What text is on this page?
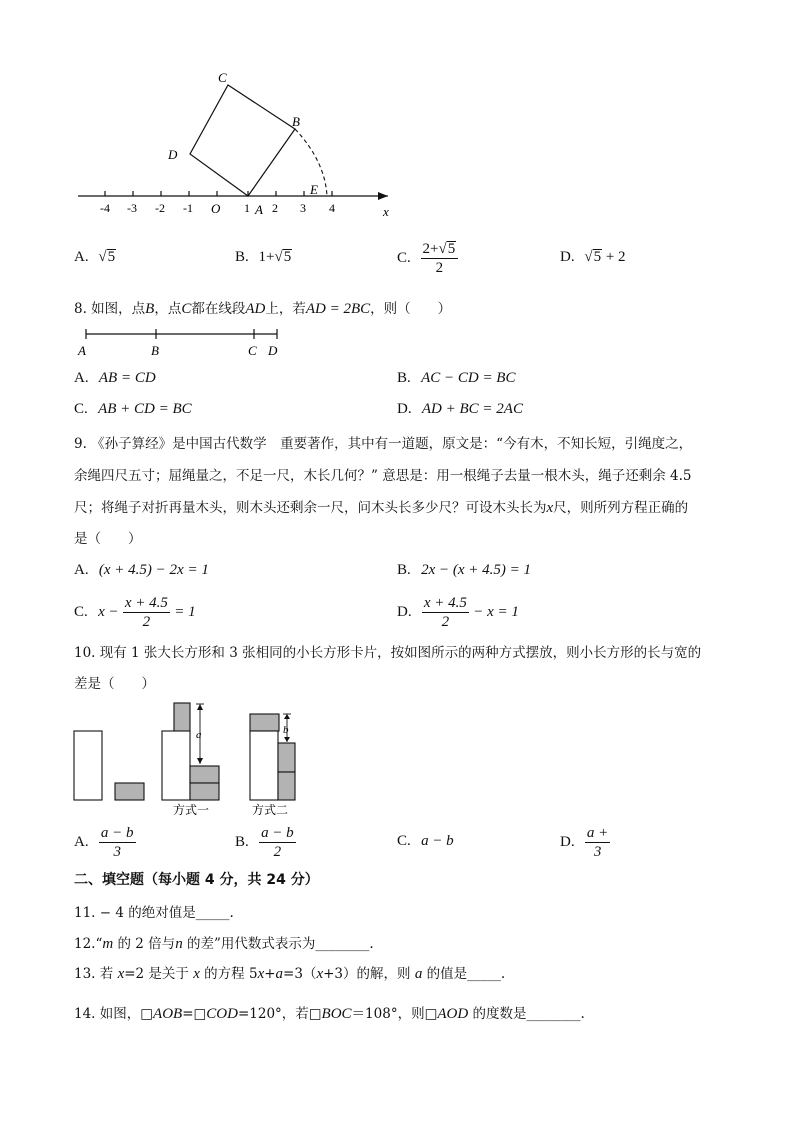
-4 -3 -2 -1 O 1 2 3 4	x
C
B
D
A
E
A. √5	B. 1+√5	C. $\frac{2+√5}{2}$	D. √5 + 2
8. 如图，点B，点C都在线段AD上，若AD = 2BC，则（　　）
A	B	C D
A. AB = CD	B. AC − CD = BC
C. AB + CD = BC	D. AD + BC = 2AC
9. 《孙子算经》是中国古代数学　重要著作，其中有一道题，原文是：“今有木，不知长短，引绳度之，
余绳四尺五寸；屈绳量之，不足一尺，木长几何？” 意思是：用一根绳子去量一根木头，绳子还剩余 4.5
尺；将绳子对折再量木头，则木头还剩余一尺，问木头长多少尺？可设木头长为x尺，则所列方程正确的
是（　　）
A. (x + 4.5) − 2x = 1	B. 2x − (x + 4.5) = 1
C. $x - \frac{x + 4.5}{2} = 1$	D. $\frac{x + 4.5}{2} - x = 1$
10. 现有 1 张大长方形和 3 张相同的小长方形卡片，按如图所示的两种方式摆放，则小长方形的长与宽的
差是（　　）
a
方式一
b
方式二
A. $\frac{a - b}{3}$	B. $\frac{a - b}{2}$	C. a − b	D. $\frac{a +}{3}$
二、填空题（每小题 4 分，共 24 分）
11. − 4 的绝对值是_____.
12.“m 的 2 倍与n 的差”用代数式表示为________.
13. 若 x=2 是关于 x 的方程 5x+a=3（x+3）的解，则 a 的值是_____.
14. 如图，□AOB=□COD=120°，若□BOC＝108°，则□AOD 的度数是________.
